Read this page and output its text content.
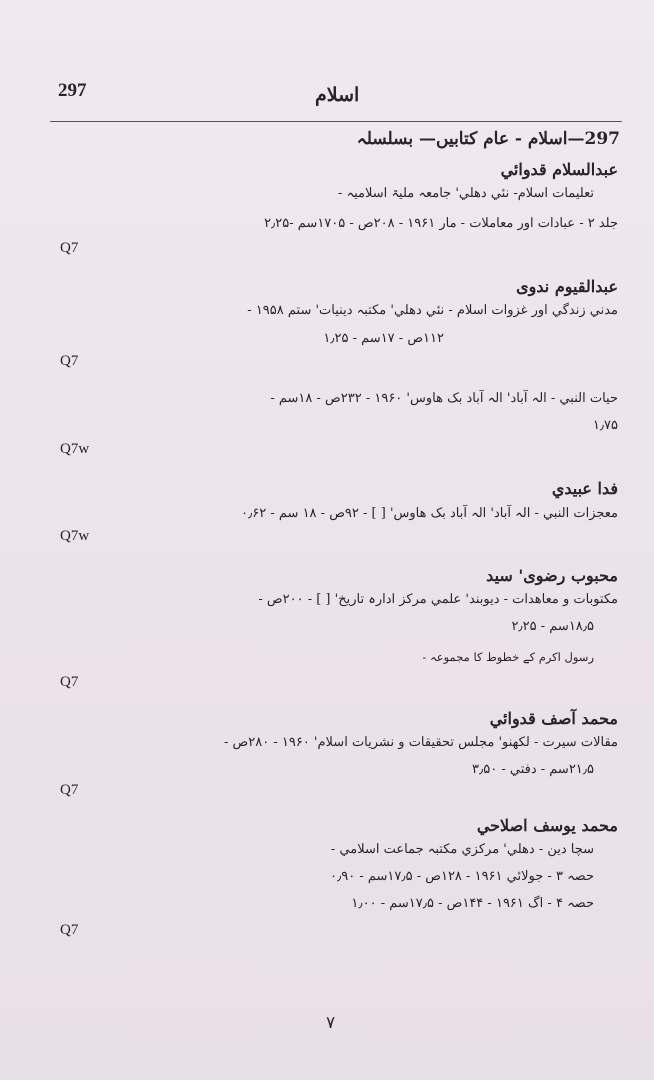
297	اسلام
297—اسلام - عام کتابیں— بسلسلہ
عبدالسلام قدوائي
تعلیمات اسلام- نئي دهلي' جامعہ ملیۃ اسلامیہ -
جلد ۲ - عبادات اور معاملات - مار ۱۹۶۱ - ۲۰۸ص - ۱۷۰۵سم -۲٫۲۵
Q7
عبدالقیوم ندوی
مدني زندگي اور غزوات اسلام - نئي دهلي' مکتبہ دینیات' ستم ۱۹۵۸ -
۱۱۲ص - ۱۷سم - ۱٫۲۵
Q7
حیات النبي - الہ آباد' الہ آباد بک هاوس' ۱۹۶۰ - ۲۳۲ص - ۱۸سم -
۱٫۷۵
Q7w
فدا عبیدي
معجزات النبي - الہ آباد' الہ آباد بک هاوس' [ ] - ۹۲ص - ۱۸ سم - ۰٫۶۲
Q7w
محبوب رضوی' سید
مکتوبات و معاهدات - دیوبند' علمي مرکز ادارہ تاریخ' [ ] - ۲۰۰ص -
۱۸٫۵سم - ۲٫۲۵
رسول اکرم کے خطوط کا مجموعہ -
Q7
محمد آصف قدوائي
مقالات سیرت - لکهنو' مجلس تحقیقات و نشریات اسلام' ۱۹۶۰ - ۲۸۰ص -
۲۱٫۵سم - دفتي - ۳٫۵۰
Q7
محمد یوسف اصلاحي
سچا دین - دهلي' مرکزي مکتبہ جماعت اسلامي -
حصہ ۳ - جولائي ۱۹۶۱ - ۱۲۸ص - ۱۷٫۵سم - ۰٫۹۰
حصہ ۴ - اگ ۱۹۶۱ - ۱۴۴ص - ۱۷٫۵سم - ۱٫۰۰
Q7
۷
